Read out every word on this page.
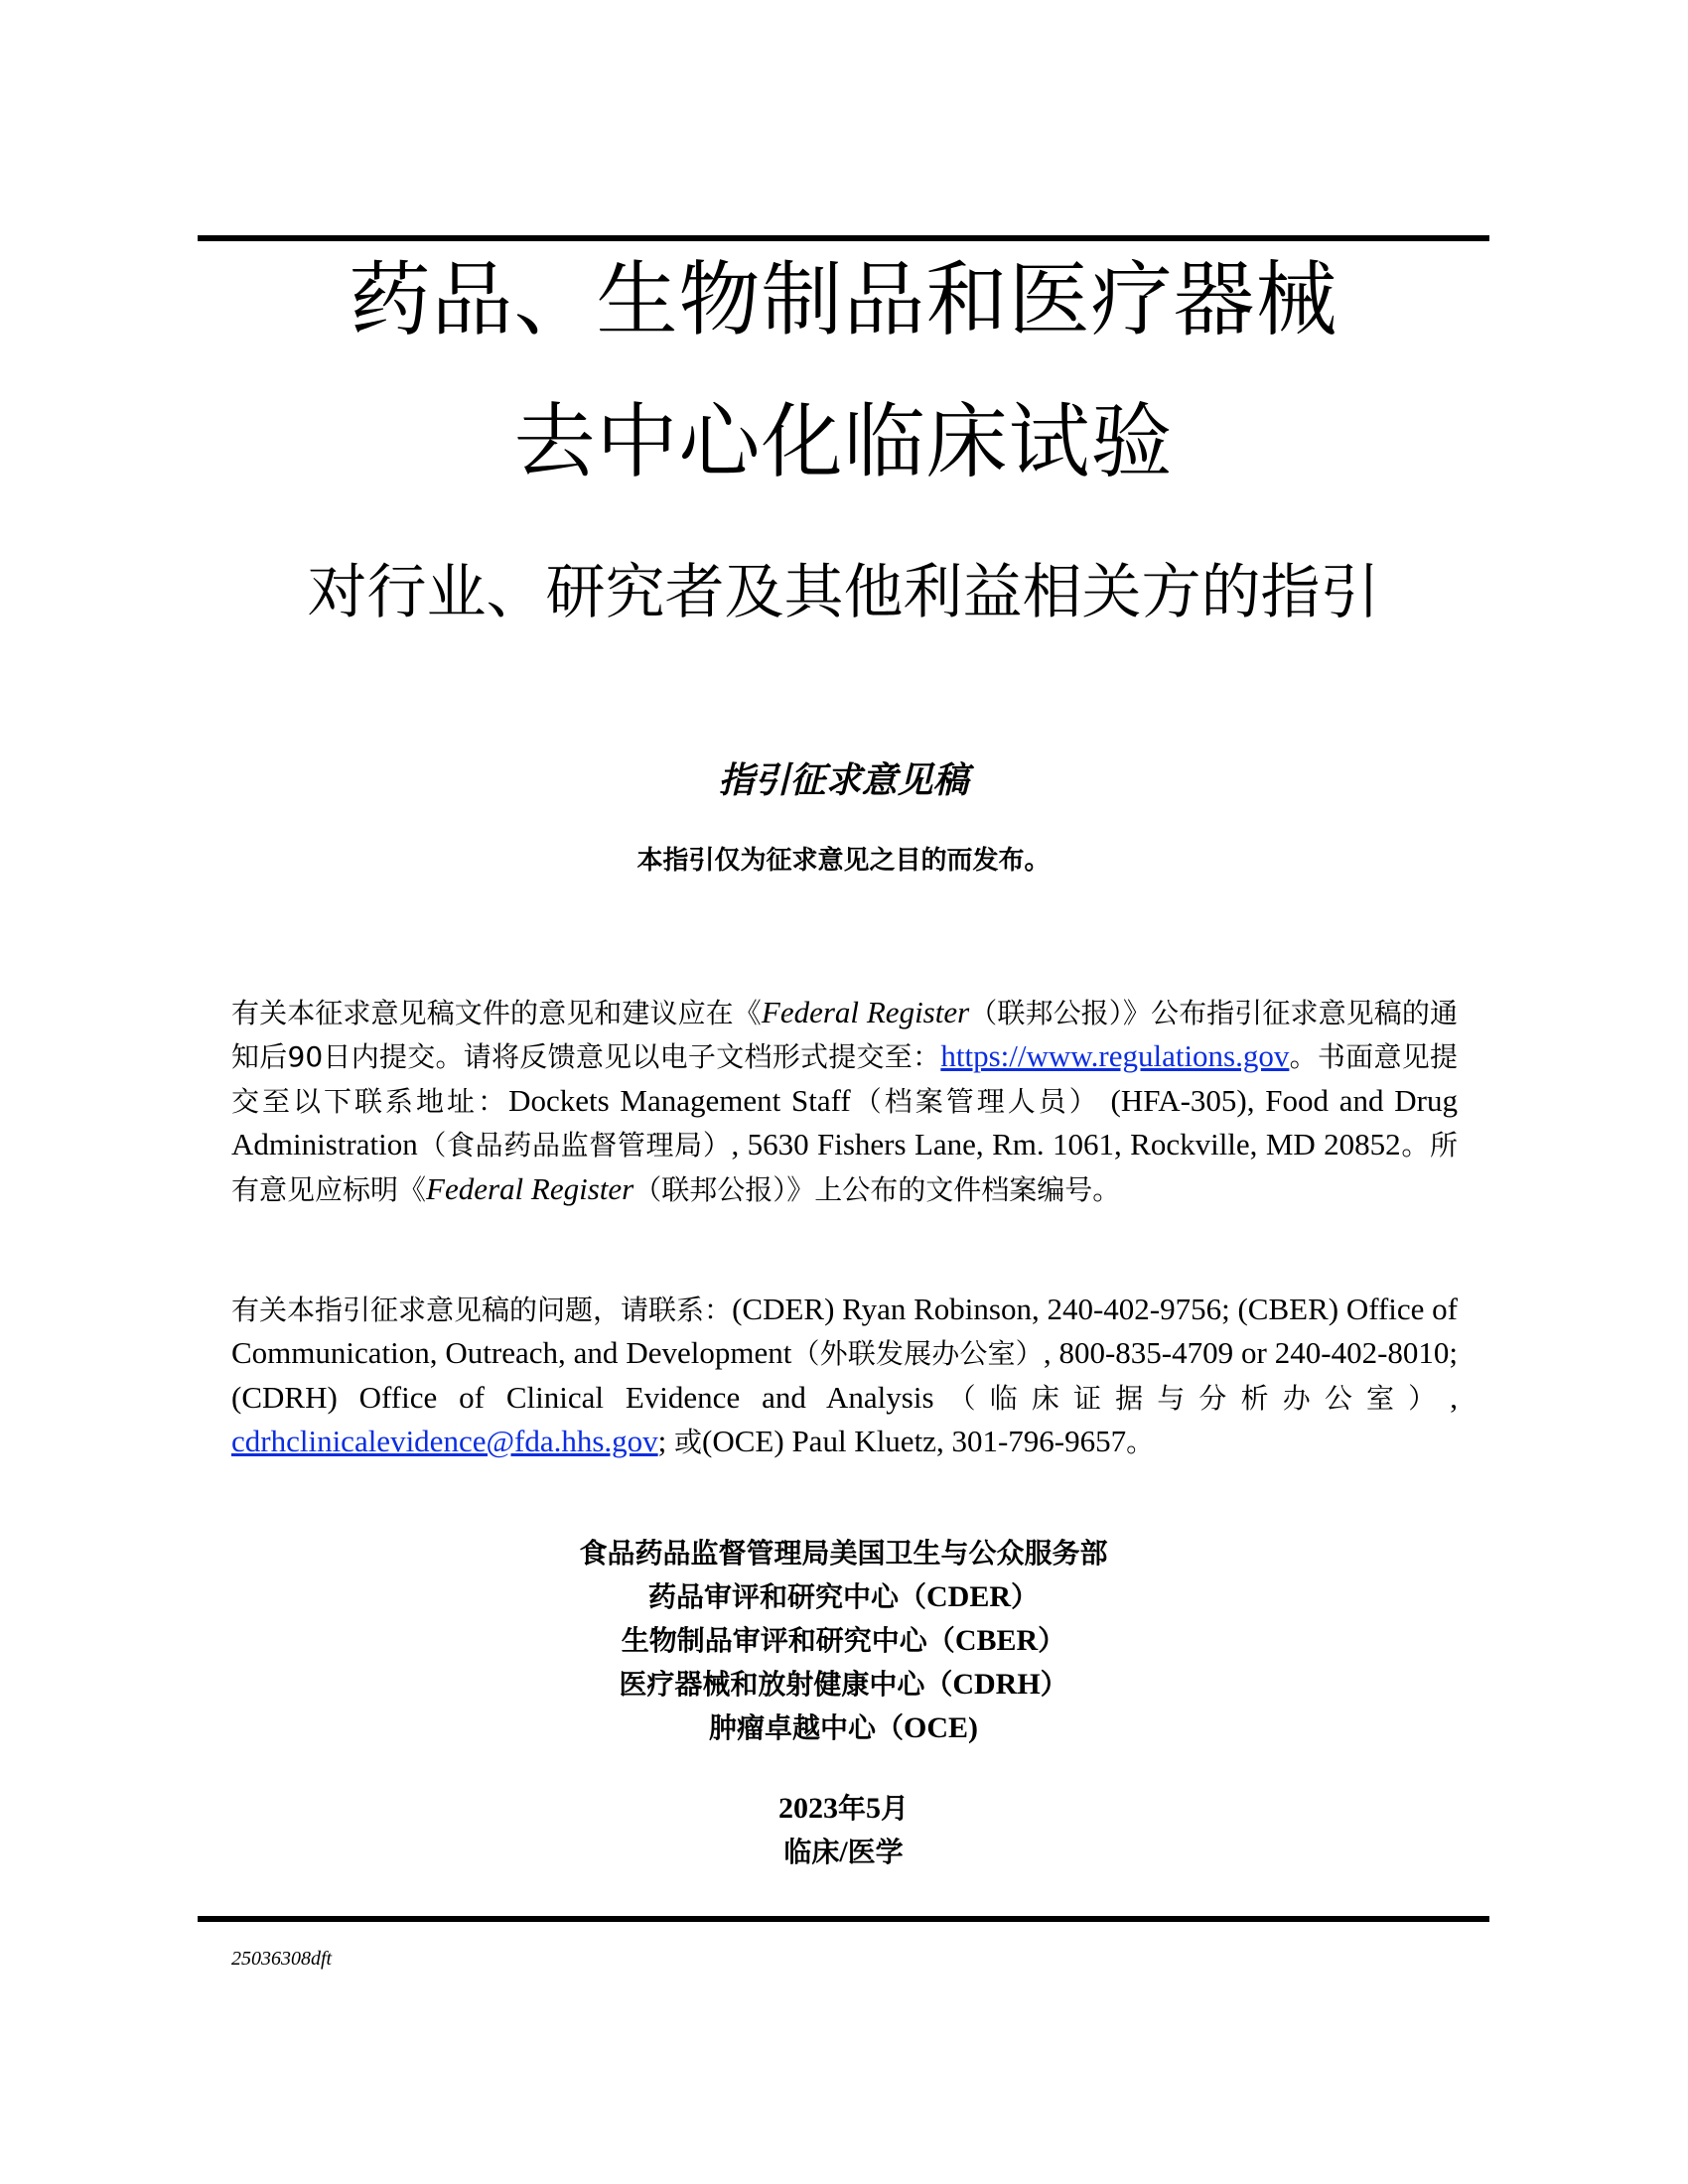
药品、生物制品和医疗器械
去中心化临床试验
对行业、研究者及其他利益相关方的指引
指引征求意见稿
本指引仅为征求意见之目的而发布。
有关本征求意见稿文件的意见和建议应在《Federal Register（联邦公报）》公布指引征求意见稿的通知后90日内提交。请将反馈意见以电子文档形式提交至：https://www.regulations.gov。书面意见提交至以下联系地址：Dockets Management Staff（档案管理人员） (HFA-305), Food and Drug Administration（食品药品监督管理局）, 5630 Fishers Lane, Rm. 1061, Rockville, MD 20852。所有意见应标明《Federal Register（联邦公报）》上公布的文件档案编号。
有关本指引征求意见稿的问题，请联系：(CDER) Ryan Robinson, 240-402-9756; (CBER) Office of Communication, Outreach, and Development（外联发展办公室）, 800-835-4709 or 240-402-8010; (CDRH) Office of Clinical Evidence and Analysis（临床证据与分析办公室）, cdrhclinicalevidence@fda.hhs.gov; 或(OCE) Paul Kluetz, 301-796-9657。
食品药品监督管理局美国卫生与公众服务部
药品审评和研究中心（CDER）
生物制品审评和研究中心（CBER）
医疗器械和放射健康中心（CDRH）
肿瘤卓越中心（OCE)
2023年5月
临床/医学
25036308dft
